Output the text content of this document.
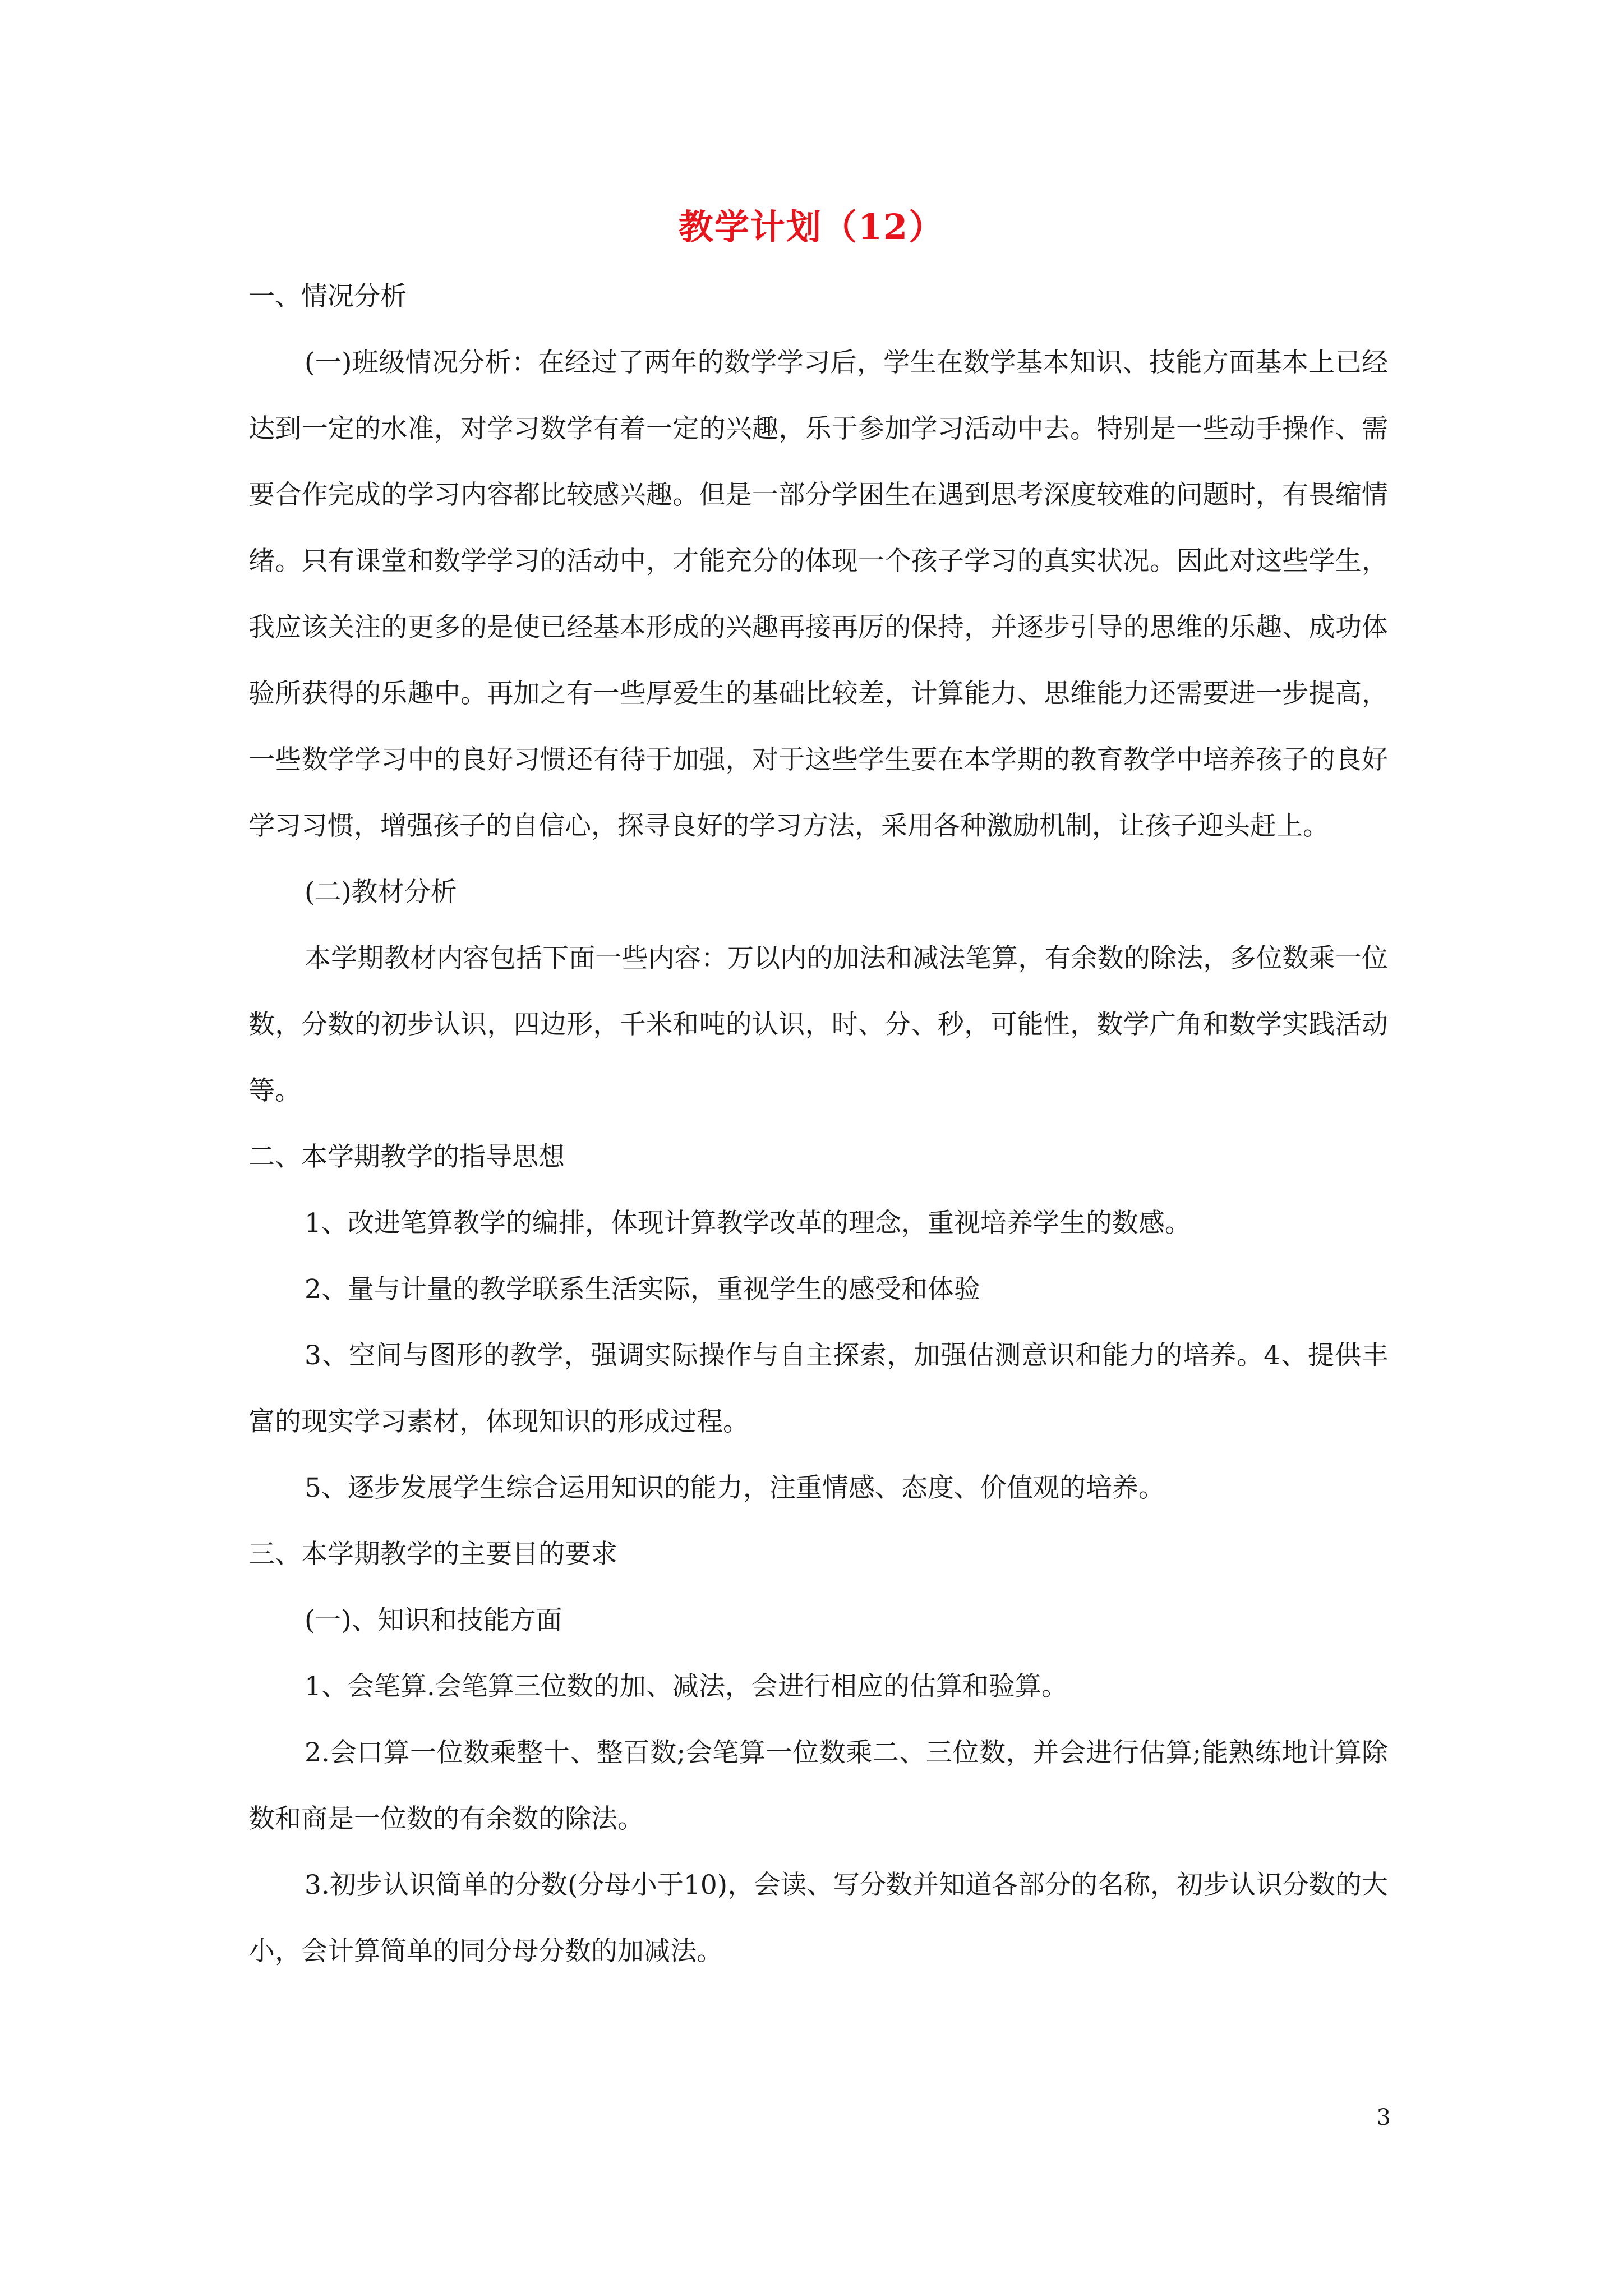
教学计划（12）

一、情况分析

(一)班级情况分析：在经过了两年的数学学习后，学生在数学基本知识、技能方面基本上已经达到一定的水准，对学习数学有着一定的兴趣，乐于参加学习活动中去。特别是一些动手操作、需要合作完成的学习内容都比较感兴趣。但是一部分学困生在遇到思考深度较难的问题时，有畏缩情绪。只有课堂和数学学习的活动中，才能充分的体现一个孩子学习的真实状况。因此对这些学生，我应该关注的更多的是使已经基本形成的兴趣再接再厉的保持，并逐步引导的思维的乐趣、成功体验所获得的乐趣中。再加之有一些厚爱生的基础比较差，计算能力、思维能力还需要进一步提高，一些数学学习中的良好习惯还有待于加强，对于这些学生要在本学期的教育教学中培养孩子的良好学习习惯，增强孩子的自信心，探寻良好的学习方法，采用各种激励机制，让孩子迎头赶上。

(二)教材分析

本学期教材内容包括下面一些内容：万以内的加法和减法笔算，有余数的除法，多位数乘一位数，分数的初步认识，四边形，千米和吨的认识，时、分、秒，可能性，数学广角和数学实践活动等。

二、本学期教学的指导思想

1、改进笔算教学的编排，体现计算教学改革的理念，重视培养学生的数感。

2、量与计量的教学联系生活实际，重视学生的感受和体验

3、空间与图形的教学，强调实际操作与自主探索，加强估测意识和能力的培养。4、提供丰富的现实学习素材，体现知识的形成过程。

5、逐步发展学生综合运用知识的能力，注重情感、态度、价值观的培养。

三、本学期教学的主要目的要求

(一)、知识和技能方面

1、会笔算.会笔算三位数的加、减法，会进行相应的估算和验算。

2.会口算一位数乘整十、整百数;会笔算一位数乘二、三位数，并会进行估算;能熟练地计算除数和商是一位数的有余数的除法。

3.初步认识简单的分数(分母小于10)，会读、写分数并知道各部分的名称，初步认识分数的大小，会计算简单的同分母分数的加减法。

3
